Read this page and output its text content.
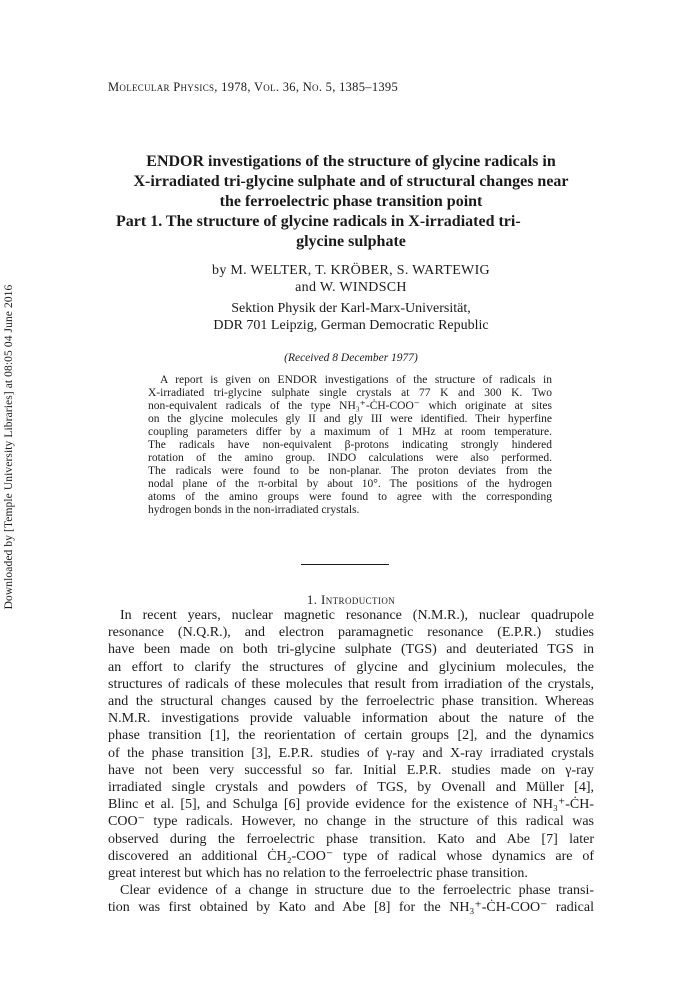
Downloaded by [Temple University Libraries] at 08:05 04 June 2016
Molecular Physics, 1978, Vol. 36, No. 5, 1385–1395
ENDOR investigations of the structure of glycine radicals in
X-irradiated tri-glycine sulphate and of structural changes near
the ferroelectric phase transition point
Part 1. The structure of glycine radicals in X-irradiated tri-
glycine sulphate
by M. WELTER, T. KRÖBER, S. WARTEWIG
and W. WINDSCH
Sektion Physik der Karl-Marx-Universität,
DDR 701 Leipzig, German Democratic Republic
(Received 8 December 1977)
A report is given on ENDOR investigations of the structure of radicals in
X-irradiated tri-glycine sulphate single crystals at 77 K and 300 K. Two
non-equivalent radicals of the type NH₃⁺-ĊH-COO⁻ which originate at sites
on the glycine molecules gly II and gly III were identified. Their hyperfine
coupling parameters differ by a maximum of 1 MHz at room temperature.
The radicals have non-equivalent β-protons indicating strongly hindered
rotation of the amino group. INDO calculations were also performed.
The radicals were found to be non-planar. The proton deviates from the
nodal plane of the π-orbital by about 10°. The positions of the hydrogen
atoms of the amino groups were found to agree with the corresponding
hydrogen bonds in the non-irradiated crystals.
1. Introduction
In recent years, nuclear magnetic resonance (N.M.R.), nuclear quadrupole
resonance (N.Q.R.), and electron paramagnetic resonance (E.P.R.) studies
have been made on both tri-glycine sulphate (TGS) and deuteriated TGS in
an effort to clarify the structures of glycine and glycinium molecules, the
structures of radicals of these molecules that result from irradiation of the crystals,
and the structural changes caused by the ferroelectric phase transition. Whereas
N.M.R. investigations provide valuable information about the nature of the
phase transition [1], the reorientation of certain groups [2], and the dynamics
of the phase transition [3], E.P.R. studies of γ-ray and X-ray irradiated crystals
have not been very successful so far. Initial E.P.R. studies made on γ-ray
irradiated single crystals and powders of TGS, by Ovenall and Müller [4],
Blinc et al. [5], and Schulga [6] provide evidence for the existence of NH₃⁺-ĊH-
COO⁻ type radicals. However, no change in the structure of this radical was
observed during the ferroelectric phase transition. Kato and Abe [7] later
discovered an additional ĊH₂-COO⁻ type of radical whose dynamics are of
great interest but which has no relation to the ferroelectric phase transition.
Clear evidence of a change in structure due to the ferroelectric phase transi-
tion was first obtained by Kato and Abe [8] for the NH₃⁺-ĊH-COO⁻ radical
